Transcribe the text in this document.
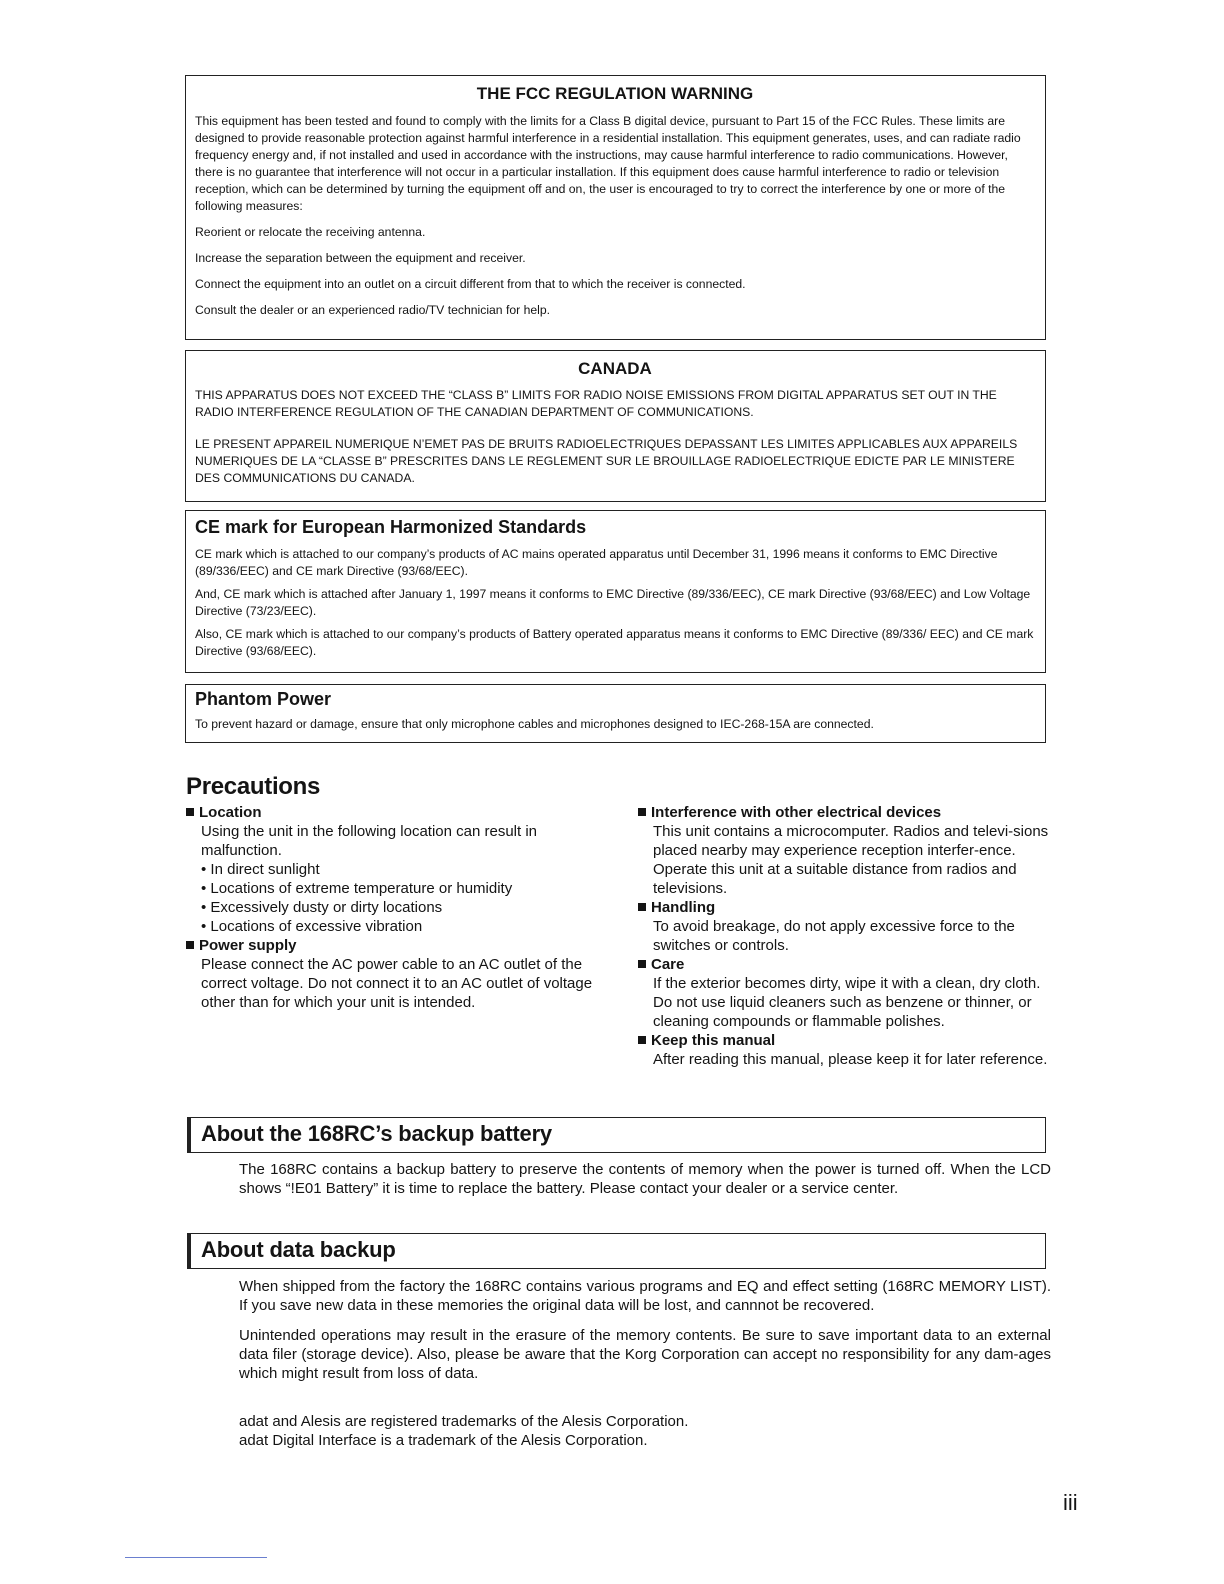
THE FCC REGULATION WARNING

This equipment has been tested and found to comply with the limits for a Class B digital device, pursuant to Part 15 of the FCC Rules. These limits are designed to provide reasonable protection against harmful interference in a residential installation. This equipment generates, uses, and can radiate radio frequency energy and, if not installed and used in accordance with the instructions, may cause harmful interference to radio communications. However, there is no guarantee that interference will not occur in a particular installation. If this equipment does cause harmful interference to radio or television reception, which can be determined by turning the equipment off and on, the user is encouraged to try to correct the interference by one or more of the following measures:

Reorient or relocate the receiving antenna.

Increase the separation between the equipment and receiver.

Connect the equipment into an outlet on a circuit different from that to which the receiver is connected.

Consult the dealer or an experienced radio/TV technician for help.

CANADA

THIS APPARATUS DOES NOT EXCEED THE “CLASS B” LIMITS FOR RADIO NOISE EMISSIONS FROM DIGITAL APPARATUS SET OUT IN THE RADIO INTERFERENCE REGULATION OF THE CANADIAN DEPARTMENT OF COMMUNICATIONS.

LE PRESENT APPAREIL NUMERIQUE N’EMET PAS DE BRUITS RADIOELECTRIQUES DEPASSANT LES LIMITES APPLICABLES AUX APPAREILS NUMERIQUES DE LA “CLASSE B” PRESCRITES DANS LE REGLEMENT SUR LE BROUILLAGE RADIOELECTRIQUE EDICTE PAR LE MINISTERE DES COMMUNICATIONS DU CANADA.

CE mark for European Harmonized Standards

CE mark which is attached to our company’s products of AC mains operated apparatus until December 31, 1996 means it conforms to EMC Directive (89/336/EEC) and CE mark Directive (93/68/EEC).

And, CE mark which is attached after January 1, 1997 means it conforms to EMC Directive (89/336/EEC), CE mark Directive (93/68/EEC) and Low Voltage Directive (73/23/EEC).

Also, CE mark which is attached to our company’s products of Battery operated apparatus means it conforms to EMC Directive (89/336/ EEC) and CE mark Directive (93/68/EEC).

Phantom Power

To prevent hazard or damage, ensure that only microphone cables and microphones designed to IEC-268-15A are connected.

Precautions
Location
Using the unit in the following location can result in malfunction.
• In direct sunlight
• Locations of extreme temperature or humidity
• Excessively dusty or dirty locations
• Locations of excessive vibration
Power supply
Please connect the AC power cable to an AC outlet of the correct voltage. Do not connect it to an AC outlet of voltage other than for which your unit is intended.
Interference with other electrical devices
This unit contains a microcomputer. Radios and televi-sions placed nearby may experience reception interfer-ence. Operate this unit at a suitable distance from radios and televisions.
Handling
To avoid breakage, do not apply excessive force to the switches or controls.
Care
If the exterior becomes dirty, wipe it with a clean, dry cloth. Do not use liquid cleaners such as benzene or thinner, or cleaning compounds or flammable polishes.
Keep this manual
After reading this manual, please keep it for later reference.
About the 168RC’s backup battery

The 168RC contains a backup battery to preserve the contents of memory when the power is turned off. When the LCD shows “!E01 Battery” it is time to replace the battery. Please contact your dealer or a service center.

About data backup

When shipped from the factory the 168RC contains various programs and EQ and effect setting (168RC MEMORY LIST). If you save new data in these memories the original data will be lost, and cannnot be recovered.

Unintended operations may result in the erasure of the memory contents. Be sure to save important data to an external data filer (storage device). Also, please be aware that the Korg Corporation can accept no responsibility for any dam-ages which might result from loss of data.

adat and Alesis are registered trademarks of the Alesis Corporation.
adat Digital Interface is a trademark of the Alesis Corporation.
iii
